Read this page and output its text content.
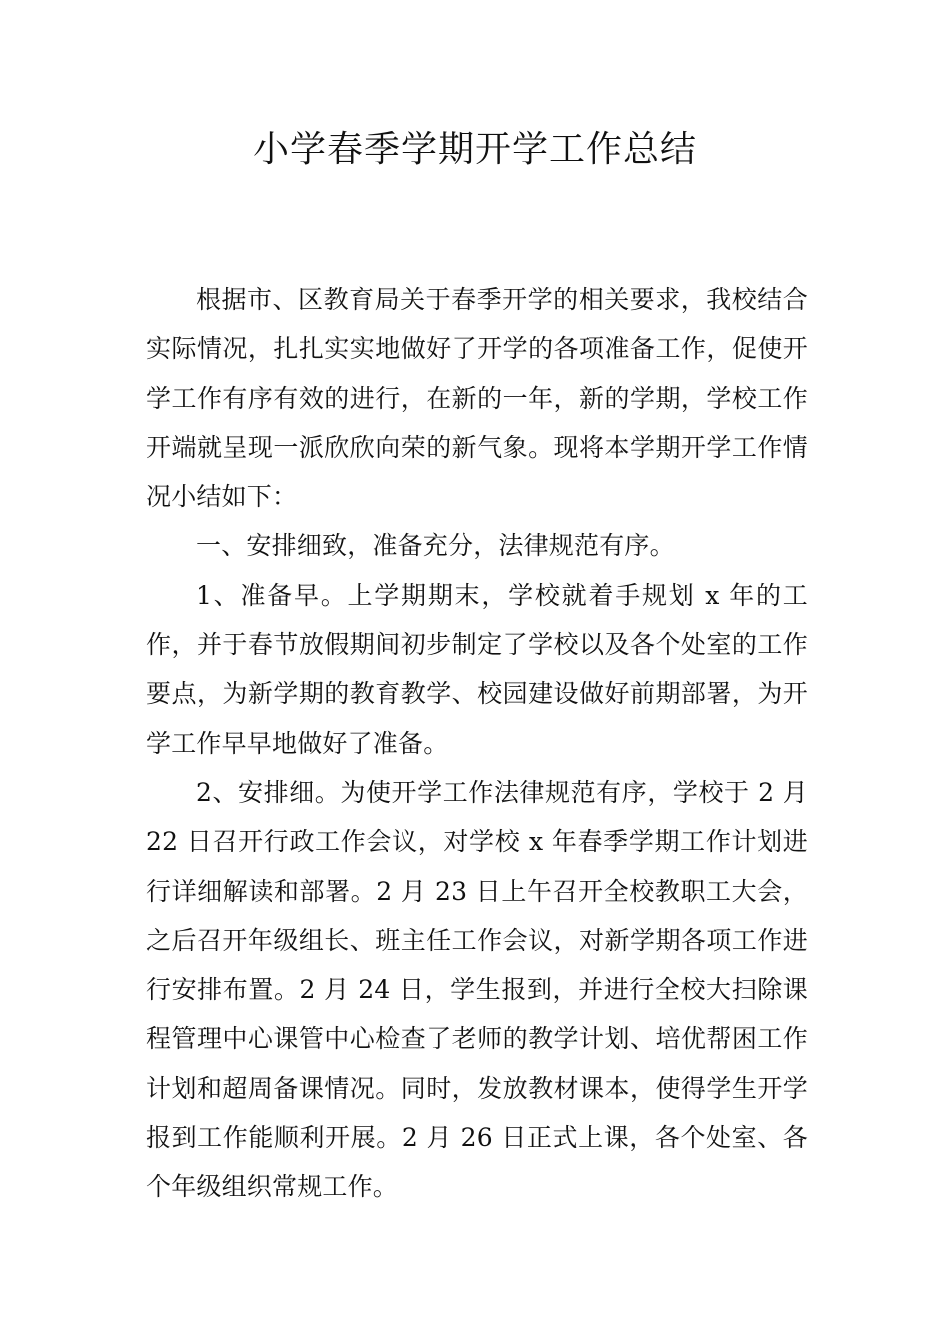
小学春季学期开学工作总结

根据市、区教育局关于春季开学的相关要求，我校结合实际情况，扎扎实实地做好了开学的各项准备工作，促使开学工作有序有效的进行，在新的一年，新的学期，学校工作开端就呈现一派欣欣向荣的新气象。现将本学期开学工作情况小结如下：

一、安排细致，准备充分，法律规范有序。

1、准备早。上学期期末，学校就着手规划 x 年的工作，并于春节放假期间初步制定了学校以及各个处室的工作要点，为新学期的教育教学、校园建设做好前期部署，为开学工作早早地做好了准备。

2、安排细。为使开学工作法律规范有序，学校于 2 月 22 日召开行政工作会议，对学校 x 年春季学期工作计划进行详细解读和部署。2 月 23 日上午召开全校教职工大会，之后召开年级组长、班主任工作会议，对新学期各项工作进行安排布置。2 月 24 日，学生报到，并进行全校大扫除课程管理中心课管中心检查了老师的教学计划、培优帮困工作计划和超周备课情况。同时，发放教材课本，使得学生开学报到工作能顺利开展。2 月 26 日正式上课，各个处室、各个年级组织常规工作。
